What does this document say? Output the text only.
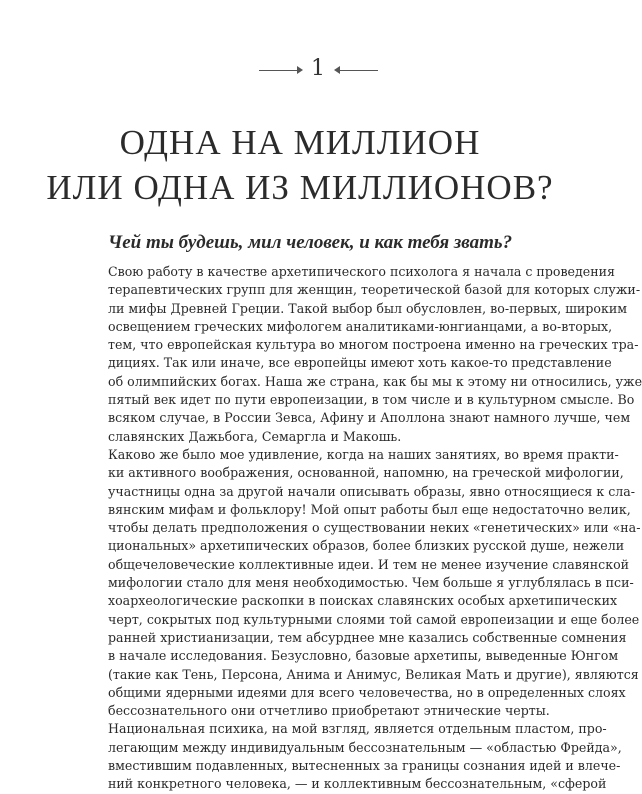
1
ОДНА НА МИЛЛИОН
ИЛИ ОДНА ИЗ МИЛЛИОНОВ?
Чей ты будешь, мил человек, и как тебя звать?
Свою работу в качестве архетипического психолога я начала с проведения
терапевтических групп для женщин, теоретической базой для которых служи-
ли мифы Древней Греции. Такой выбор был обусловлен, во-первых, широким
освещением греческих мифологем аналитиками-юнгианцами, а во-вторых,
тем, что европейская культура во многом построена именно на греческих тра-
дициях. Так или иначе, все европейцы имеют хоть какое-то представление
об олимпийских богах. Наша же страна, как бы мы к этому ни относились, уже
пятый век идет по пути европеизации, в том числе и в культурном смысле. Во
всяком случае, в России Зевса, Афину и Аполлона знают намного лучше, чем
славянских Дажьбога, Семаргла и Макошь.
Каково же было мое удивление, когда на наших занятиях, во время практи-
ки активного воображения, основанной, напомню, на греческой мифологии,
участницы одна за другой начали описывать образы, явно относящиеся к сла-
вянским мифам и фольклору! Мой опыт работы был еще недостаточно велик,
чтобы делать предположения о существовании неких «генетических» или «на-
циональных» архетипических образов, более близких русской душе, нежели
общечеловеческие коллективные идеи. И тем не менее изучение славянской
мифологии стало для меня необходимостью. Чем больше я углублялась в пси-
хоархеологические раскопки в поисках славянских особых архетипических
черт, сокрытых под культурными слоями той самой европеизации и еще более
ранней христианизации, тем абсурднее мне казались собственные сомнения
в начале исследования. Безусловно, базовые архетипы, выведенные Юнгом
(такие как Тень, Персона, Анима и Анимус, Великая Мать и другие), являются
общими ядерными идеями для всего человечества, но в определенных слоях
бессознательного они отчетливо приобретают этнические черты.
Национальная психика, на мой взгляд, является отдельным пластом, про-
легающим между индивидуальным бессознательным — «областью Фрейда»,
вместившим подавленных, вытесненных за границы сознания идей и влече-
ний конкретного человека, — и коллективным бессознательным, «сферой
